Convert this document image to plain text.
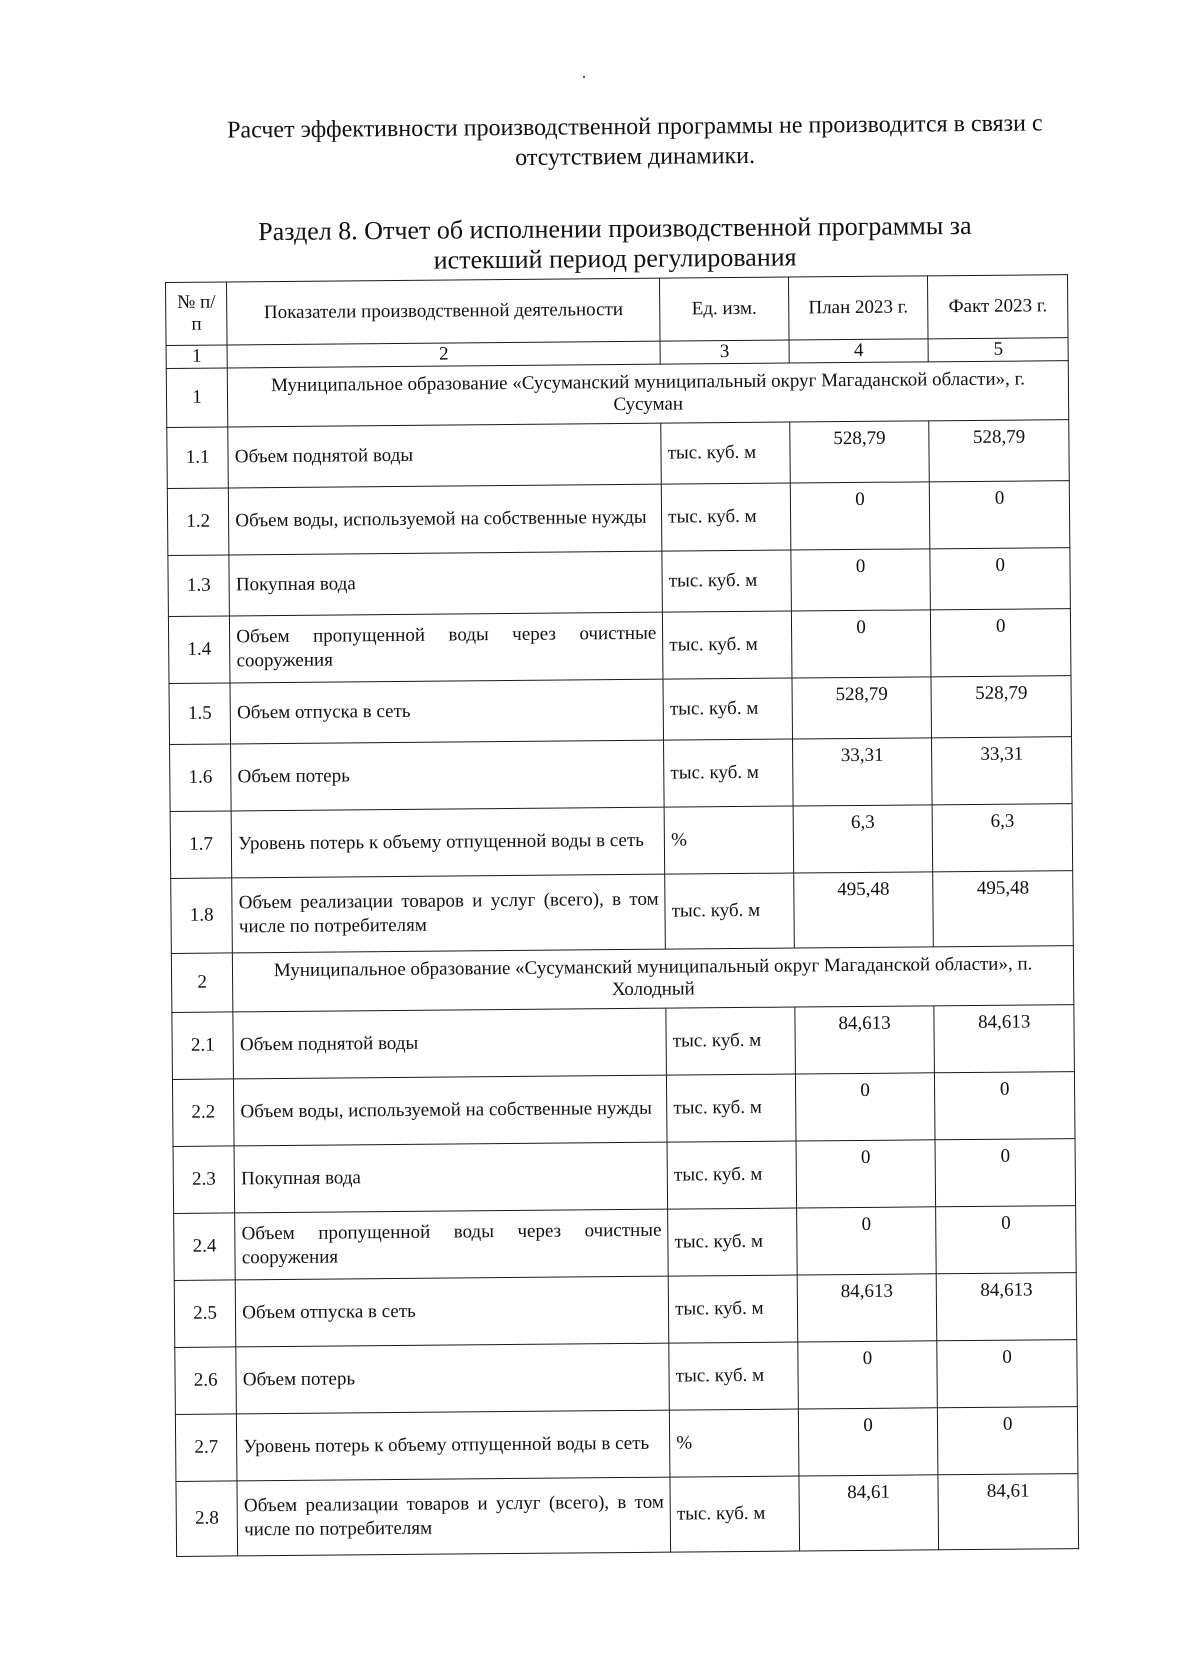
Расчет эффективности производственной программы не производится в связи с отсутствием динамики.
Раздел 8. Отчет об исполнении производственной программы за истекший период регулирования
№ п/п	Показатели производственной деятельности	Ед. изм.	План 2023 г.	Факт 2023 г.
1	2	3	4	5
1	Муниципальное образование «Сусуманский муниципальный округ Магаданской области», г. Сусуман			
1.1	Объем поднятой воды	тыс. куб. м	528,79	528,79
1.2	Объем воды, используемой на собственные нужды	тыс. куб. м	0	0
1.3	Покупная вода	тыс. куб. м	0	0
1.4	Объем пропущенной воды через очистные сооружения	тыс. куб. м	0	0
1.5	Объем отпуска в сеть	тыс. куб. м	528,79	528,79
1.6	Объем потерь	тыс. куб. м	33,31	33,31
1.7	Уровень потерь к объему отпущенной воды в сеть	%	6,3	6,3
1.8	Объем реализации товаров и услуг (всего), в том числе по потребителям	тыс. куб. м	495,48	495,48
2	Муниципальное образование «Сусуманский муниципальный округ Магаданской области», п. Холодный			
2.1	Объем поднятой воды	тыс. куб. м	84,613	84,613
2.2	Объем воды, используемой на собственные нужды	тыс. куб. м	0	0
2.3	Покупная вода	тыс. куб. м	0	0
2.4	Объем пропущенной воды через очистные сооружения	тыс. куб. м	0	0
2.5	Объем отпуска в сеть	тыс. куб. м	84,613	84,613
2.6	Объем потерь	тыс. куб. м	0	0
2.7	Уровень потерь к объему отпущенной воды в сеть	%	0	0
2.8	Объем реализации товаров и услуг (всего), в том числе по потребителям	тыс. куб. м	84,61	84,61
